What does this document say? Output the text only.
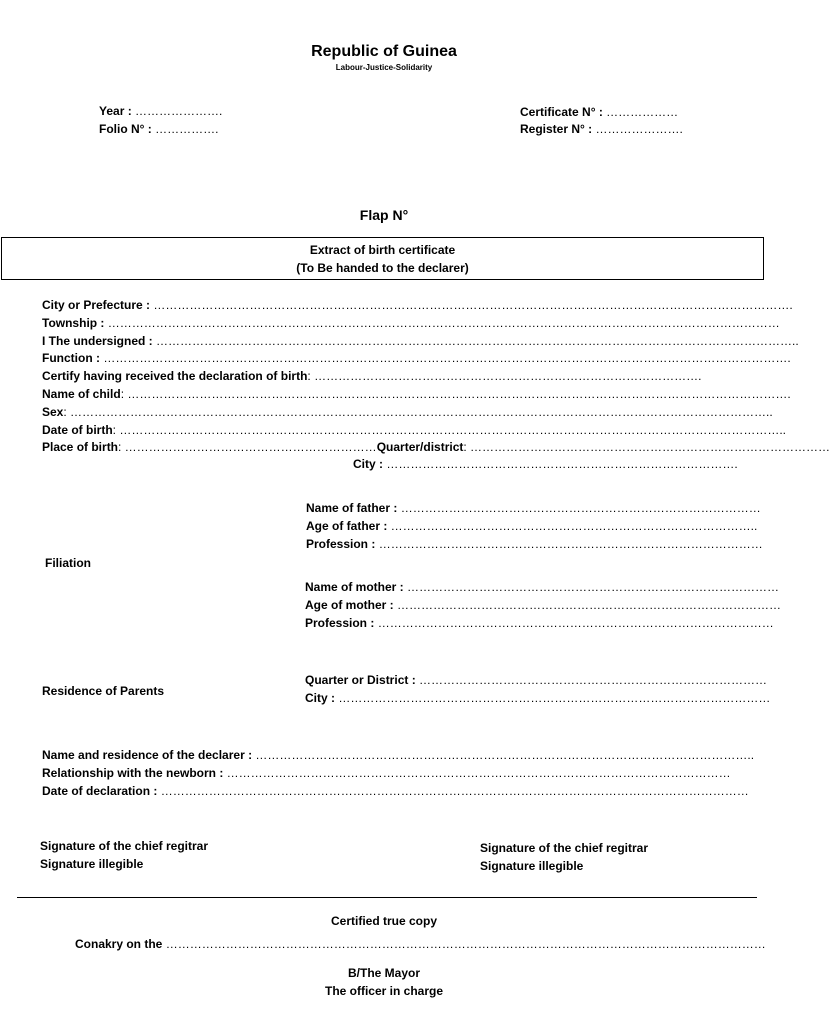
Republic of Guinea
Labour-Justice-Solidarity
Year : ………………….
Folio N° : …………….
Certificate N° : ………………
Register N° : ………………….
Flap N°
Extract of birth certificate
(To Be handed to the declarer)
City or Prefecture : …………………………………………………………………………………………………………………………………………….
Township : ……………………………………………………………………………………………………………………………………………………
I The undersigned : ……………………………………………………………………………………………………………………………………………..
Function : ……………………………………………………………………………………………………………………………………………………….
Certify having received the declaration of birth: …………………………………………………………………………………….
Name of child: ………………………………………………………………………………………………………………………………………………….
Sex: …………………………………………………………………………………………………………………………………………………………..
Date of birth: …………………………………………………………………………………………………………………………………………………..
Place of birth: ………………………………………………………Quarter/district: ………………………………………………………………………………
City : …………………………………………………………………………….
Name of father : ………………………………………………………………………………
Age of father : ………………………………………………………………………………..
Profession : ……………………………………………………………………………………
Filiation
Name of mother : …………………………………………………………………………………
Age of mother : ……………………………………………………………………………………
Profession : ………………………………………………………………………………………
Residence of Parents
Quarter or District : ……………………………………………………………………………
City : ………………………………………………………………………………………………
Name and residence of the declarer : ……………………………………………………………………………………………………………..
Relationship with the newborn : ………………………………………………………………………………………………………………
Date of declaration : …………………………………………………………………………………………………………………………………
Signature of the chief regitrar
Signature illegible
Signature of the chief regitrar
Signature illegible
Certified true copy
Conakry on the ……………………………………………………………………………………………………………………………………
B/The Mayor
The officer in charge
